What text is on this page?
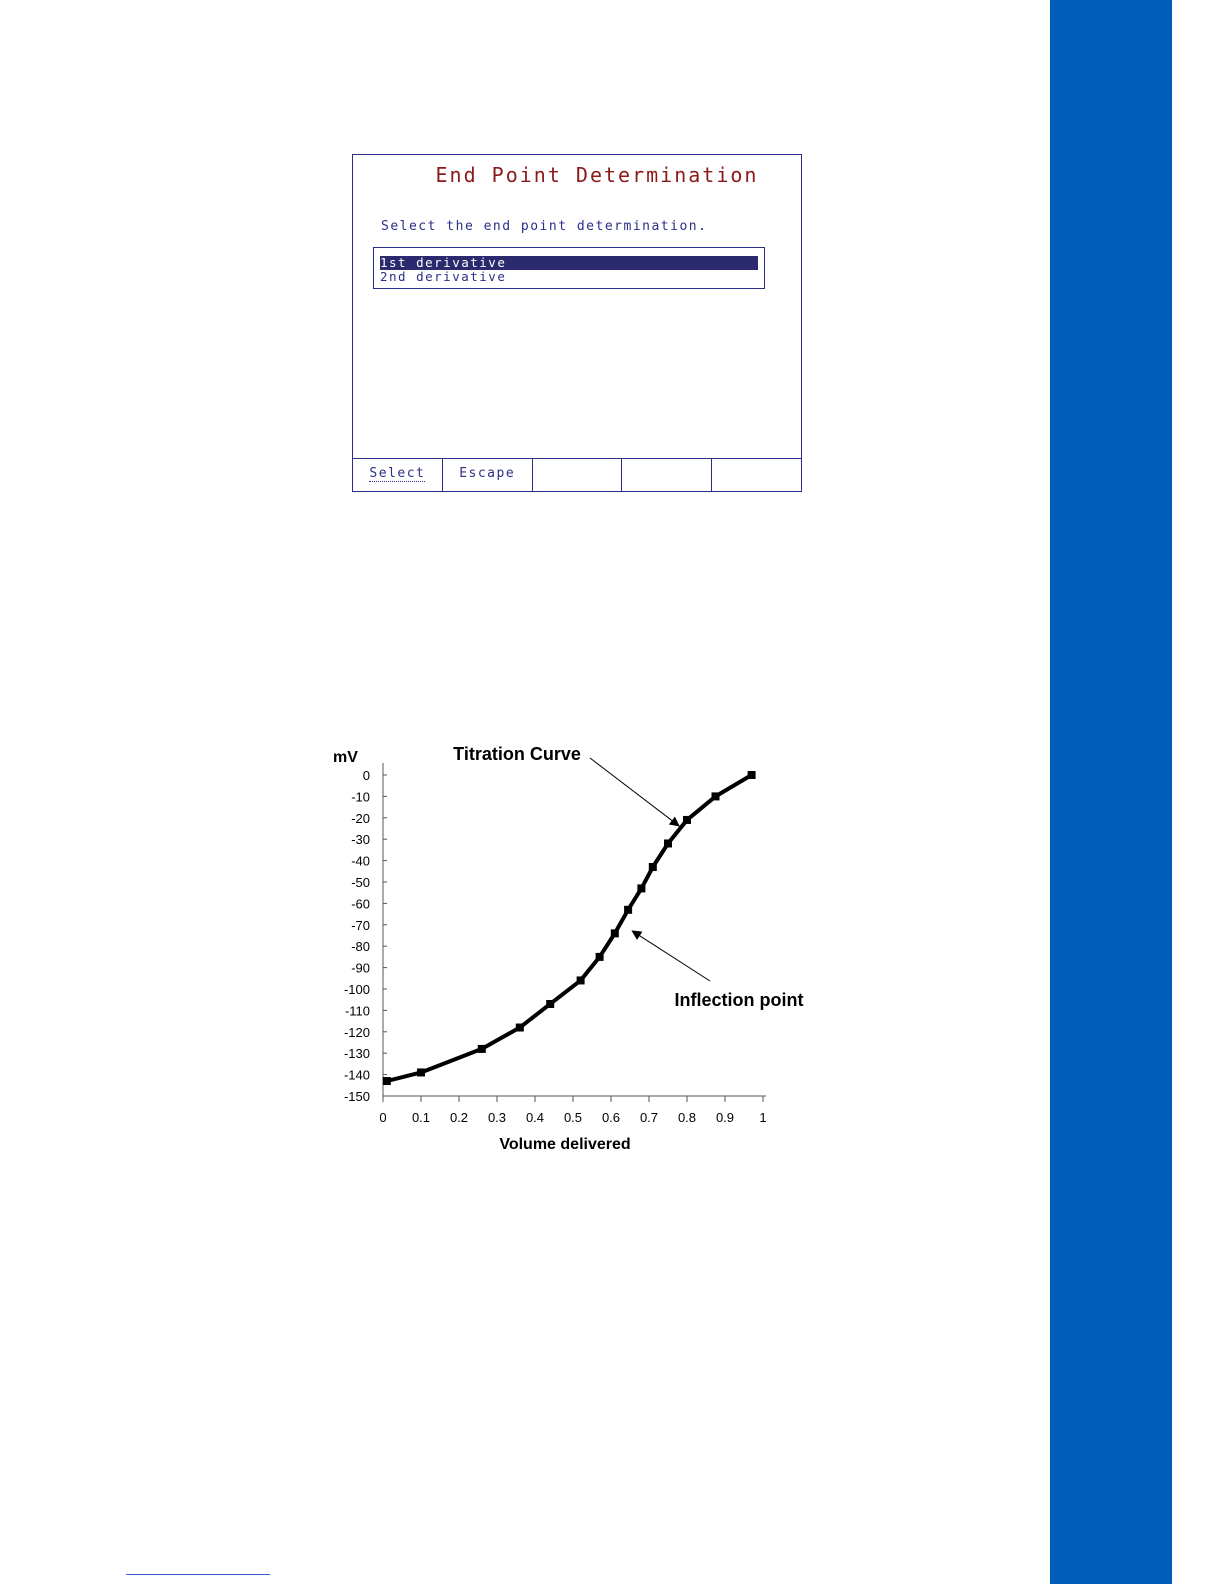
End Point Determination
Select the end point determination.
1st derivative
2nd derivative
Select	Escape
0
-10
-20
-30
-40
-50
-60
-70
-80
-90
-100
-110
-120
-130
-140
-150
0 0.1 0.2 0.3 0.4 0.5 0.6 0.7 0.8 0.9 1
mV
Volume delivered
Titration Curve
Inflection point
